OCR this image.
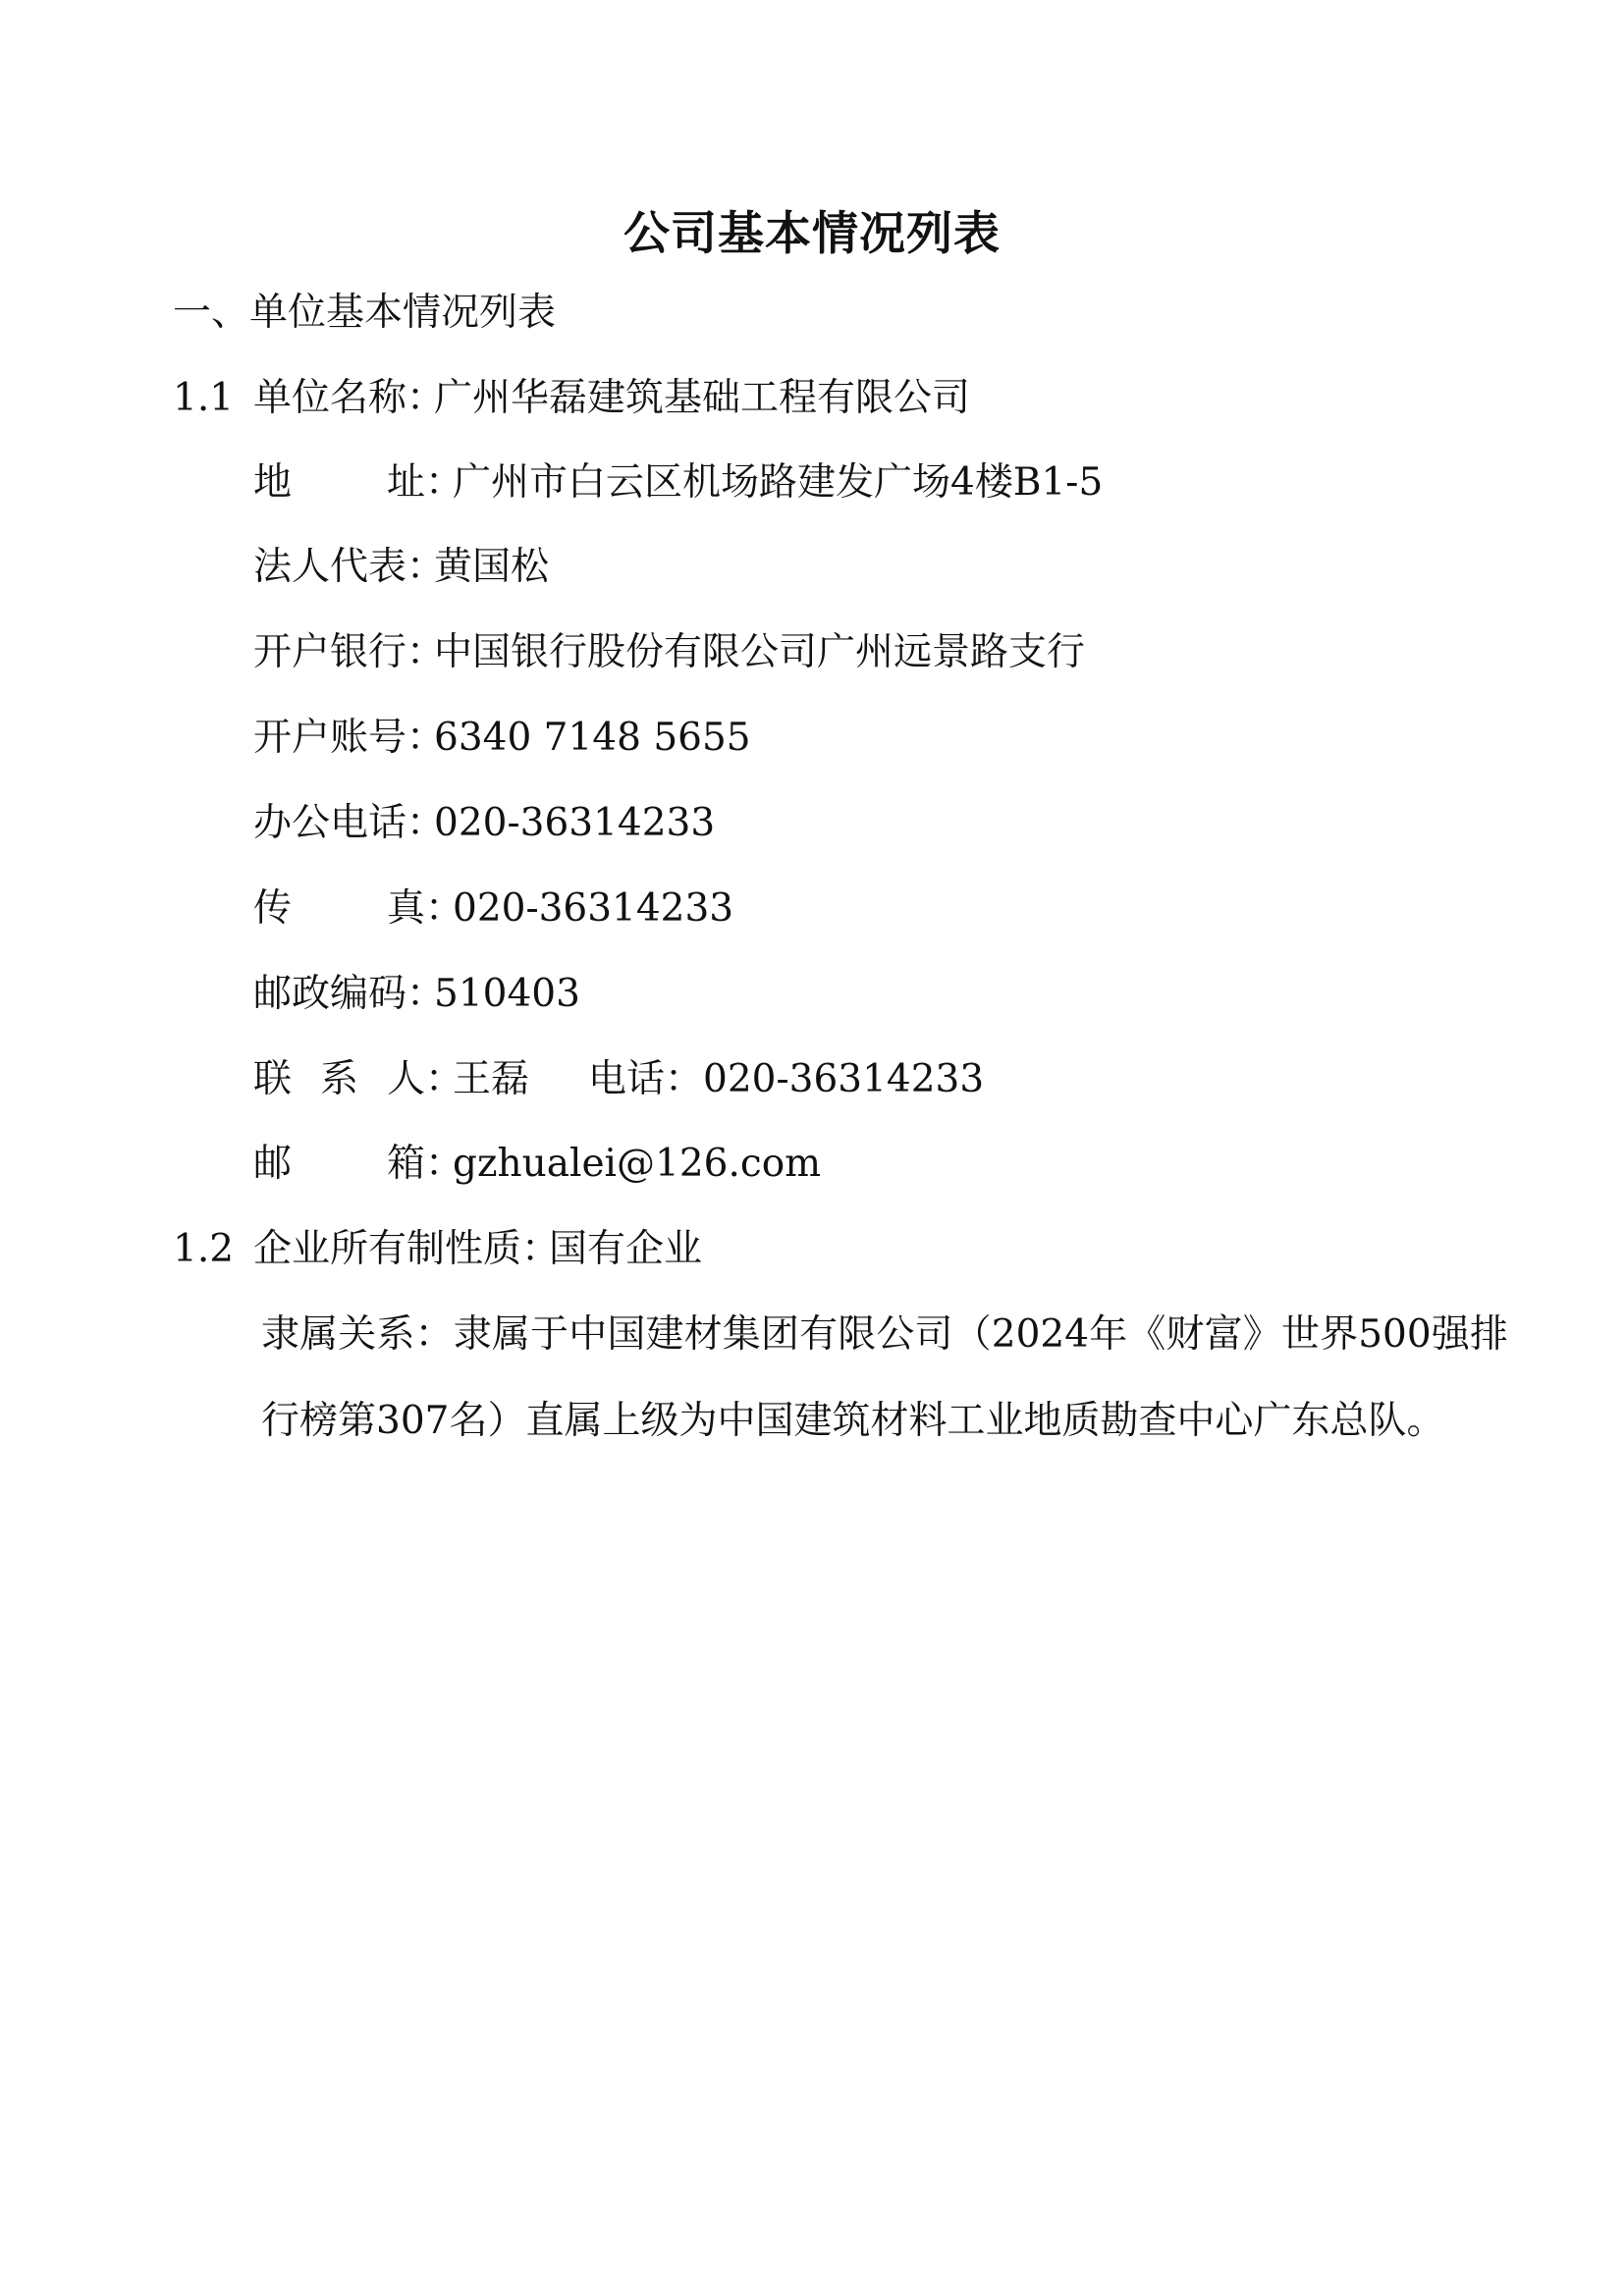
公司基本情况列表
一、单位基本情况列表
1.1 单位名称：广州华磊建筑基础工程有限公司
地　址：广州市白云区机场路建发广场4楼B1-5
法人代表：黄国松
开户银行：中国银行股份有限公司广州远景路支行
开户账号：6340 7148 5655
办公电话：020-36314233
传　真：020-36314233
邮政编码：510403
联系人：王磊 电话：020-36314233
邮　箱：gzhualei@126.com
1.2 企业所有制性质：国有企业
隶属关系：隶属于中国建材集团有限公司（2024年《财富》世界500强排行榜第307名）直属上级为中国建筑材料工业地质勘查中心广东总队。
